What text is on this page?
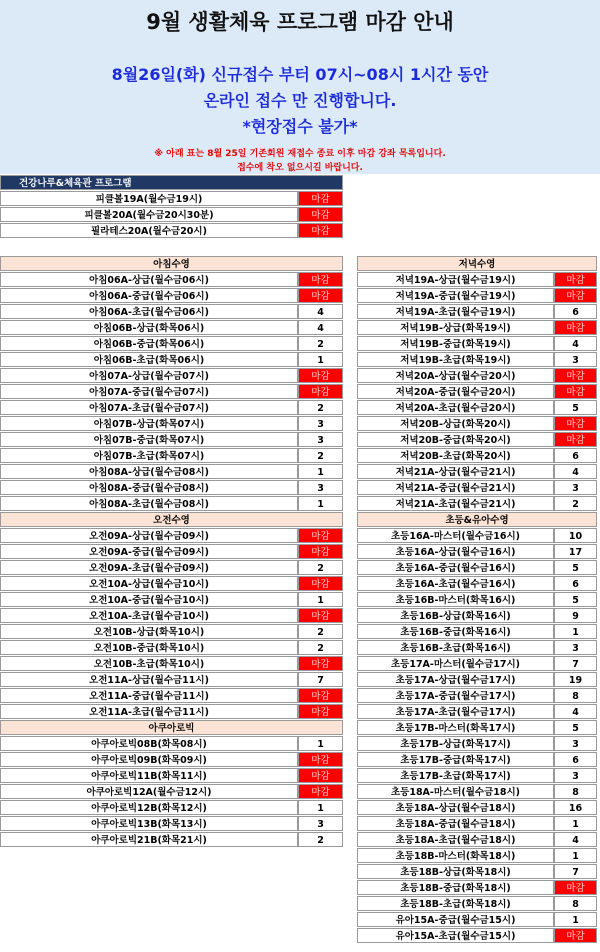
9월 생활체육 프로그램 마감 안내
8월26일(화) 신규접수 부터 07시~08시 1시간 동안
온라인 접수 만 진행합니다.
*현장접수 불가*
※ 아래 표는 8월 25일 기존회원 재접수 종료 이후 마감 강좌 목록입니다.
접수에 착오 없으시길 바랍니다.
건강나루&체육관 프로그램
피클볼19A(월수금19시)	마감
피클볼20A(월수금20시30분)	마감
필라테스20A(월수금20시)	마감
아침수영
아침06A-상급(월수금06시)	마감
아침06A-중급(월수금06시)	마감
아침06A-초급(월수금06시)	4
아침06B-상급(화목06시)	4
아침06B-중급(화목06시)	2
아침06B-초급(화목06시)	1
아침07A-상급(월수금07시)	마감
아침07A-중급(월수금07시)	마감
아침07A-초급(월수금07시)	2
아침07B-상급(화목07시)	3
아침07B-중급(화목07시)	3
아침07B-초급(화목07시)	2
아침08A-상급(월수금08시)	1
아침08A-중급(월수금08시)	3
아침08A-초급(월수금08시)	1
오전수영
오전09A-상급(월수금09시)	마감
오전09A-중급(월수금09시)	마감
오전09A-초급(월수금09시)	2
오전10A-상급(월수금10시)	마감
오전10A-중급(월수금10시)	1
오전10A-초급(월수금10시)	마감
오전10B-상급(화목10시)	2
오전10B-중급(화목10시)	2
오전10B-초급(화목10시)	마감
오전11A-상급(월수금11시)	7
오전11A-중급(월수금11시)	마감
오전11A-초급(월수금11시)	마감
아쿠아로빅
아쿠아로빅08B(화목08시)	1
아쿠아로빅09B(화목09시)	마감
아쿠아로빅11B(화목11시)	마감
아쿠아로빅12A(월수금12시)	마감
아쿠아로빅12B(화목12시)	1
아쿠아로빅13B(화목13시)	3
아쿠아로빅21B(화목21시)	2
저녁수영
저녁19A-상급(월수금19시)	마감
저녁19A-중급(월수금19시)	마감
저녁19A-초급(월수금19시)	6
저녁19B-상급(화목19시)	마감
저녁19B-중급(화목19시)	4
저녁19B-초급(화목19시)	3
저녁20A-상급(월수금20시)	마감
저녁20A-중급(월수금20시)	마감
저녁20A-초급(월수금20시)	5
저녁20B-상급(화목20시)	마감
저녁20B-중급(화목20시)	마감
저녁20B-초급(화목20시)	6
저녁21A-상급(월수금21시)	4
저녁21A-중급(월수금21시)	3
저녁21A-초급(월수금21시)	2
초등&유아수영
초등16A-마스터(월수금16시)	10
초등16A-상급(월수금16시)	17
초등16A-중급(월수금16시)	5
초등16A-초급(월수금16시)	6
초등16B-마스터(화목16시)	5
초등16B-상급(화목16시)	9
초등16B-중급(화목16시)	1
초등16B-초급(화목16시)	3
초등17A-마스터(월수금17시)	7
초등17A-상급(월수금17시)	19
초등17A-중급(월수금17시)	8
초등17A-초급(월수금17시)	4
초등17B-마스터(화목17시)	5
초등17B-상급(화목17시)	3
초등17B-중급(화목17시)	6
초등17B-초급(화목17시)	3
초등18A-마스터(월수금18시)	8
초등18A-상급(월수금18시)	16
초등18A-중급(월수금18시)	1
초등18A-초급(월수금18시)	4
초등18B-마스터(화목18시)	1
초등18B-상급(화목18시)	7
초등18B-중급(화목18시)	마감
초등18B-초급(화목18시)	8
유아15A-중급(월수금15시)	1
유아15A-초급(월수금15시)	마감
